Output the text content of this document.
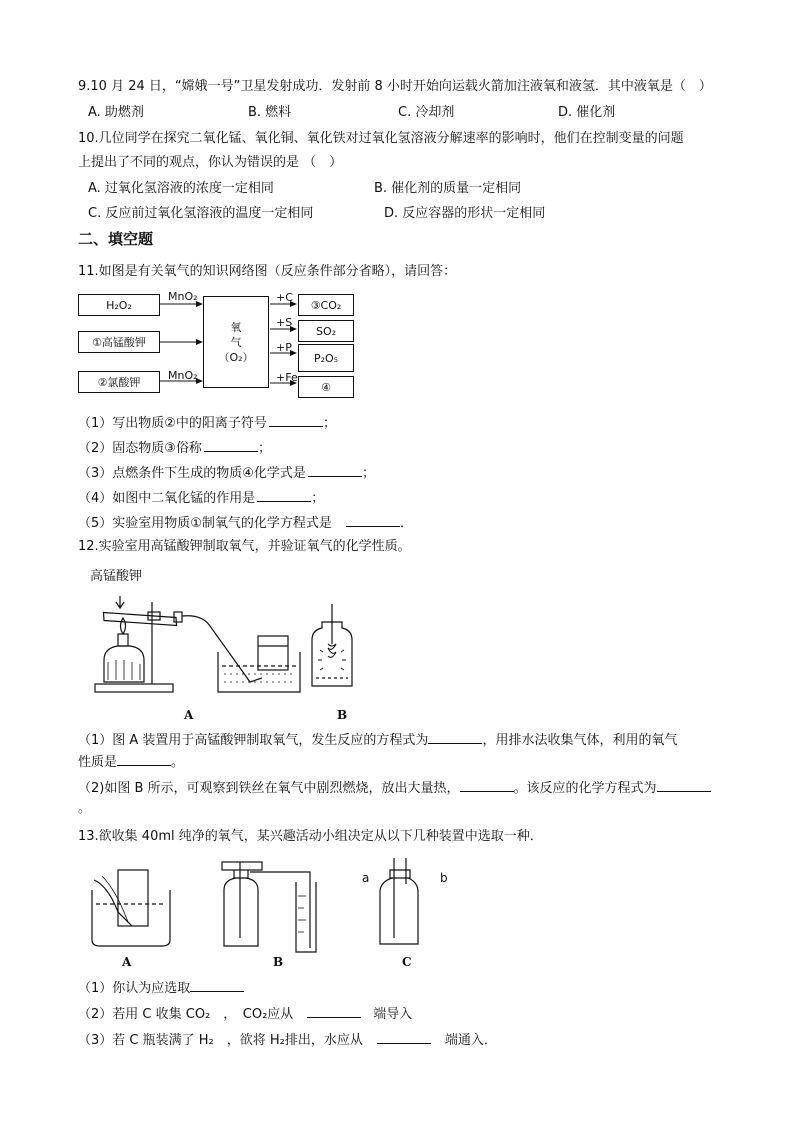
9.10 月 24 日，“嫦娥一号”卫星发射成功．发射前 8 小时开始向运载火箭加注液氧和液氢．其中液氧是（　）
A. 助燃剂	B. 燃料	C. 冷却剂	D. 催化剂
10.几位同学在探究二氧化锰、氧化铜、氧化铁对过氧化氢溶液分解速率的影响时，他们在控制变量的问题
上提出了不同的观点，你认为错误的是 （　）
A. 过氧化氢溶液的浓度一定相同	B. 催化剂的质量一定相同
C. 反应前过氧化氢溶液的温度一定相同	D. 反应容器的形状一定相同
二、填空题
11.如图是有关氧气的知识网络图（反应条件部分省略），请回答：
H₂O₂
①高锰酸钾
②氯酸钾
MnO₂
MnO₂
氧
气
（O₂）
+C
+S
+P
+Fe
③CO₂
SO₂
P₂O₅
④
（1）写出物质②中的阳离子符号	；
（2）固态物质③俗称	；
（3）点燃条件下生成的物质④化学式是	；
（4）如图中二氧化锰的作用是	；
（5）实验室用物质①制氧气的化学方程式是	．
12.实验室用高锰酸钾制取氧气，并验证氧气的化学性质。
高锰酸钾
A	B
（1）图 A 装置用于高锰酸钾制取氧气，发生反应的方程式为	，用排水法收集气体，利用的氧气
性质是	。
（2)如图 B 所示，可观察到铁丝在氧气中剧烈燃烧，放出大量热，	。该反应的化学方程式为
。
13.欲收集 40ml 纯净的氧气，某兴趣活动小组决定从以下几种装置中选取一种．
A	B	C
a	b
（1）你认为应选取
（2）若用 C 收集 CO₂　，　CO₂应从	端导入
（3）若 C 瓶装满了 H₂　，欲将 H₂排出，水应从	端通入．
